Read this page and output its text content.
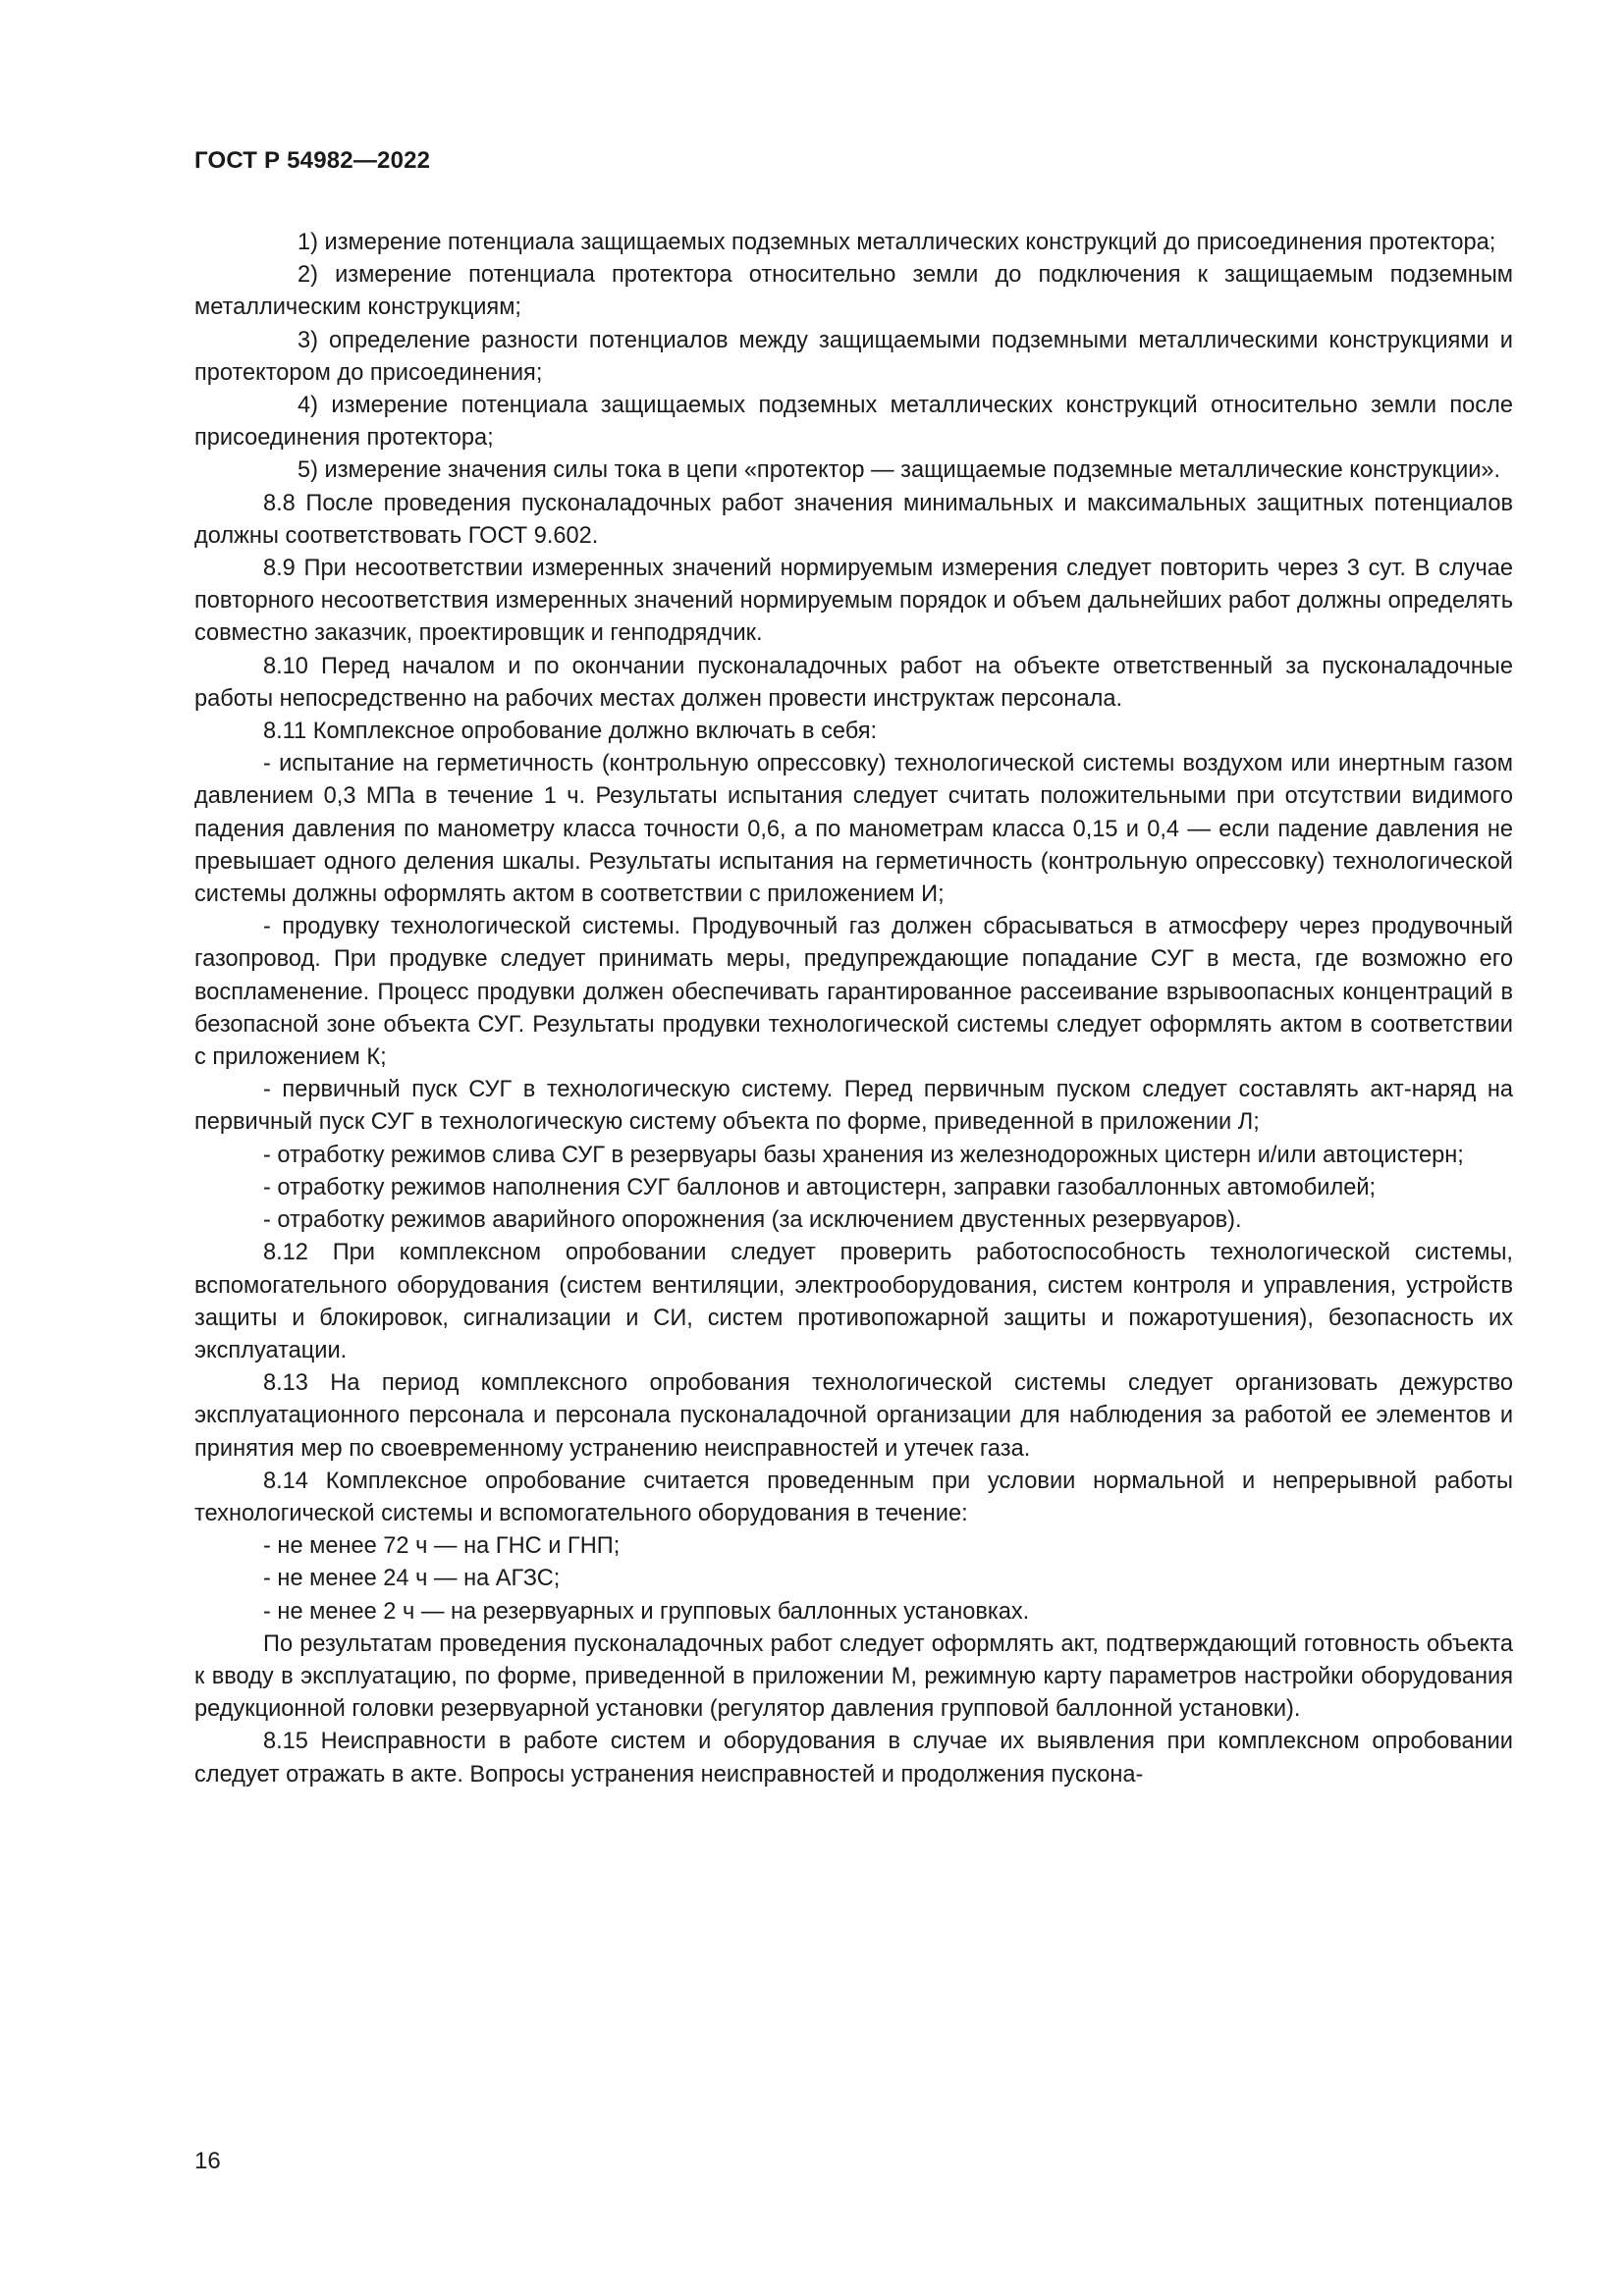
ГОСТ Р 54982—2022

1) измерение потенциала защищаемых подземных металлических конструкций до присоединения протектора;

2) измерение потенциала протектора относительно земли до подключения к защищаемым подземным металлическим конструкциям;

3) определение разности потенциалов между защищаемыми подземными металлическими конструкциями и протектором до присоединения;

4) измерение потенциала защищаемых подземных металлических конструкций относительно земли после присоединения протектора;

5) измерение значения силы тока в цепи «протектор — защищаемые подземные металлические конструкции».

8.8 После проведения пусконаладочных работ значения минимальных и максимальных защитных потенциалов должны соответствовать ГОСТ 9.602.

8.9 При несоответствии измеренных значений нормируемым измерения следует повторить через 3 сут. В случае повторного несоответствия измеренных значений нормируемым порядок и объем дальнейших работ должны определять совместно заказчик, проектировщик и генподрядчик.

8.10 Перед началом и по окончании пусконаладочных работ на объекте ответственный за пусконаладочные работы непосредственно на рабочих местах должен провести инструктаж персонала.

8.11 Комплексное опробование должно включать в себя:

- испытание на герметичность (контрольную опрессовку) технологической системы воздухом или инертным газом давлением 0,3 МПа в течение 1 ч. Результаты испытания следует считать положительными при отсутствии видимого падения давления по манометру класса точности 0,6, а по манометрам класса 0,15 и 0,4 — если падение давления не превышает одного деления шкалы. Результаты испытания на герметичность (контрольную опрессовку) технологической системы должны оформлять актом в соответствии с приложением И;

- продувку технологической системы. Продувочный газ должен сбрасываться в атмосферу через продувочный газопровод. При продувке следует принимать меры, предупреждающие попадание СУГ в места, где возможно его воспламенение. Процесс продувки должен обеспечивать гарантированное рассеивание взрывоопасных концентраций в безопасной зоне объекта СУГ. Результаты продувки технологической системы следует оформлять актом в соответствии с приложением К;

- первичный пуск СУГ в технологическую систему. Перед первичным пуском следует составлять акт-наряд на первичный пуск СУГ в технологическую систему объекта по форме, приведенной в приложении Л;

- отработку режимов слива СУГ в резервуары базы хранения из железнодорожных цистерн и/или автоцистерн;

- отработку режимов наполнения СУГ баллонов и автоцистерн, заправки газобаллонных автомобилей;

- отработку режимов аварийного опорожнения (за исключением двустенных резервуаров).

8.12 При комплексном опробовании следует проверить работоспособность технологической системы, вспомогательного оборудования (систем вентиляции, электрооборудования, систем контроля и управления, устройств защиты и блокировок, сигнализации и СИ, систем противопожарной защиты и пожаротушения), безопасность их эксплуатации.

8.13 На период комплексного опробования технологической системы следует организовать дежурство эксплуатационного персонала и персонала пусконаладочной организации для наблюдения за работой ее элементов и принятия мер по своевременному устранению неисправностей и утечек газа.

8.14 Комплексное опробование считается проведенным при условии нормальной и непрерывной работы технологической системы и вспомогательного оборудования в течение:

- не менее 72 ч — на ГНС и ГНП;

- не менее 24 ч — на АГЗС;

- не менее 2 ч — на резервуарных и групповых баллонных установках.

По результатам проведения пусконаладочных работ следует оформлять акт, подтверждающий готовность объекта к вводу в эксплуатацию, по форме, приведенной в приложении М, режимную карту параметров настройки оборудования редукционной головки резервуарной установки (регулятор давления групповой баллонной установки).

8.15 Неисправности в работе систем и оборудования в случае их выявления при комплексном опробовании следует отражать в акте. Вопросы устранения неисправностей и продолжения пускона-

16
